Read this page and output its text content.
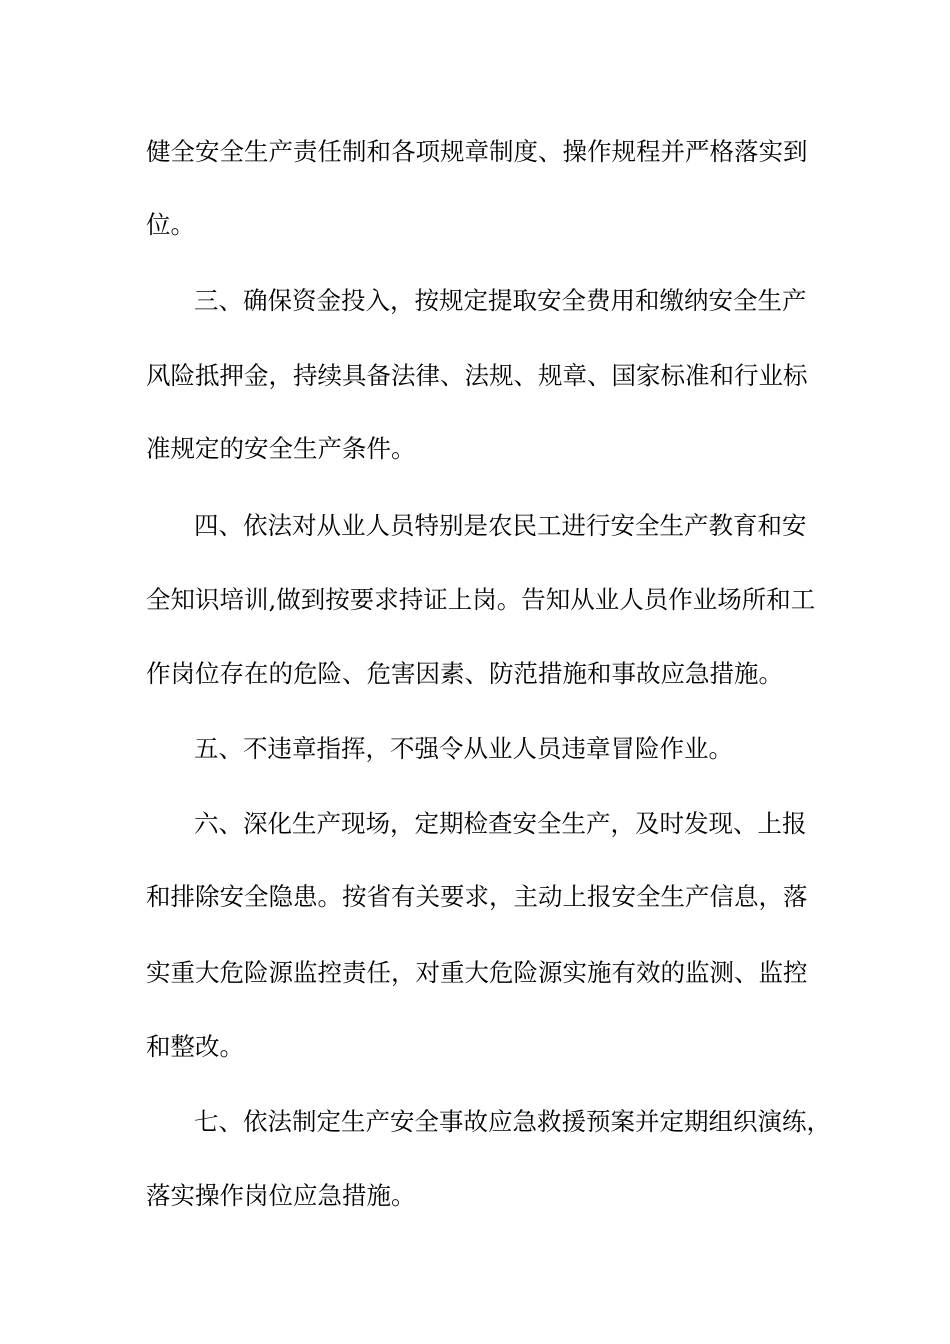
健全安全生产责任制和各项规章制度、操作规程并严格落实到
位。
三、确保资金投入，按规定提取安全费用和缴纳安全生产
风险抵押金，持续具备法律、法规、规章、国家标准和行业标
准规定的安全生产条件。
四、依法对从业人员特别是农民工进行安全生产教育和安
全知识培训,做到按要求持证上岗。告知从业人员作业场所和工
作岗位存在的危险、危害因素、防范措施和事故应急措施。
五、不违章指挥，不强令从业人员违章冒险作业。
六、深化生产现场，定期检查安全生产，及时发现、上报
和排除安全隐患。按省有关要求，主动上报安全生产信息，落
实重大危险源监控责任，对重大危险源实施有效的监测、监控
和整改。
七、依法制定生产安全事故应急救援预案并定期组织演练，
落实操作岗位应急措施。
